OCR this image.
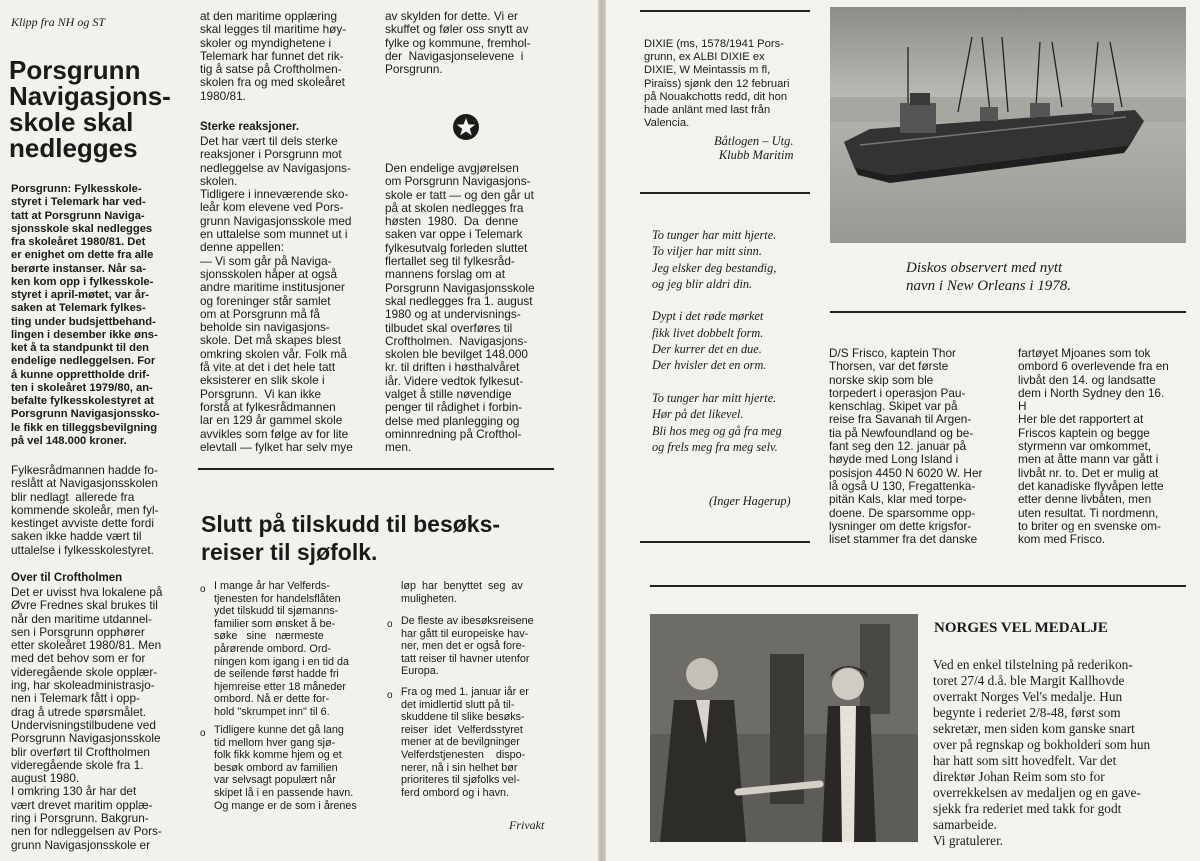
Klipp fra NH og ST
Porsgrunn
Navigasjons-
skole skal
nedlegges
Porsgrunn: Fylkesskole-
styret i Telemark har ved-
tatt at Porsgrunn Naviga-
sjonsskole skal nedlegges
fra skoleåret 1980/81. Det
er enighet om dette fra alle
berørte instanser. Når sa-
ken kom opp i fylkesskole-
styret i april-møtet, var år-
saken at Telemark fylkes-
ting under budsjettbehand-
lingen i desember ikke øns-
ket å ta standpunkt til den
endelige nedleggelsen. For
å kunne opprettholde drif-
ten i skoleåret 1979/80, an-
befalte fylkesskolestyret at
Porsgrunn Navigasjonssko-
le fikk en tilleggsbevilgning
på vel 148.000 kroner.
Fylkesrådmannen hadde fo-
reslått at Navigasjonsskolen
blir nedlagt  allerede fra
kommende skoleår, men fyl-
kestinget avviste dette fordi
saken ikke hadde vært til
uttalelse i fylkesskolestyret.
Over til Croftholmen
Det er uvisst hva lokalene på
Øvre Frednes skal brukes til
når den maritime utdannel-
sen i Porsgrunn opphører
etter skoleåret 1980/81. Men
med det behov som er for
videregående skole opplær-
ing, har skoleadministrasjo-
nen i Telemark fått i opp-
drag å utrede spørsmålet.
Undervisningstilbudene ved
Porsgrunn Navigasjonsskole
blir overført til Croftholmen
videregående skole fra 1.
august 1980.
I omkring 130 år har det
vært drevet maritim opplæ-
ring i Porsgrunn. Bakgrun-
nen for ndleggelsen av Pors-
grunn Navigasjonsskole er
at den maritime opplæring
skal legges til maritime høy-
skoler og myndighetene i
Telemark har funnet det rik-
tig å satse på Croftholmen-
skolen fra og med skoleåret
1980/81.
Sterke reaksjoner.
Det har vært til dels sterke
reaksjoner i Porsgrunn mot
nedleggelse av Navigasjons-
skolen.
Tidligere i inneværende sko-
leår kom elevene ved Pors-
grunn Navigasjonsskole med
en uttalelse som munnet ut i
denne appellen:
— Vi som går på Naviga-
sjonsskolen håper at også
andre maritime institusjoner
og foreninger står samlet
om at Porsgrunn må få
beholde sin navigasjons-
skole. Det må skapes blest
omkring skolen vår. Folk må
få vite at det i det hele tatt
eksisterer en slik skole i
Porsgrunn.  Vi kan ikke
forstå at fylkesrådmannen
lar en 129 år gammel skole
avvikles som følge av for lite
elevtall — fylket har selv mye
av skylden for dette. Vi er
skuffet og føler oss snytt av
fylke og kommune, fremhol-
der  Navigasjonselevene  i
Porsgrunn.
Den endelige avgjørelsen
om Porsgrunn Navigasjons-
skole er tatt — og den går ut
på at skolen nedlegges fra
høsten  1980.  Da  denne
saken var oppe i Telemark
fylkesutvalg forleden sluttet
flertallet seg til fylkesråd-
mannens forslag om at
Porsgrunn Navigasjonsskole
skal nedlegges fra 1. august
1980 og at undervisnings-
tilbudet skal overføres til
Croftholmen.  Navigasjons-
skolen ble bevilget 148.000
kr. til driften i høsthalvåret
iår. Videre vedtok fylkesut-
valget å stille nøvendige
penger til rådighet i forbin-
delse med planlegging og
ominnredning på Crofthol-
men.
Slutt på tilskudd til besøks-
reiser til sjøfolk.
o I mange år har Velferds-
tjenesten for handelsflåten
ydet tilskudd til sjømanns-
familier som ønsket å be-
søke   sine   nærmeste
pårørende ombord. Ord-
ningen kom igang i en tid da
de seilende først hadde fri
hjemreise etter 18 måneder
ombord. Nå er dette for-
hold "skrumpet inn" til 6.
o Tidligere kunne det gå lang
tid mellom hver gang sjø-
folk fikk komme hjem og et
besøk ombord av familien
var selvsagt populært når
skipet lå i en passende havn.
Og mange er de som i årenes
løp  har  benyttet  seg  av
muligheten.
o De fleste av ibesøksreisene
har gått til europeiske hav-
ner, men det er også fore-
tatt reiser til havner utenfor
Europa.
o Fra og med 1. januar iår er
det imidlertid slutt på til-
skuddene til slike besøks-
reiser  idet  Velferdsstyret
mener at de bevilgninger
Velferdstjenesten    dispo-
nerer, nå i sin helhet bør
prioriteres til sjøfolks vel-
ferd ombord og i havn.
Frivakt
DIXIE (ms, 1578/1941 Pors-
grunn, ex ALBI DIXIE ex
DIXIE, W Meintassis m fl,
Piraiss) sjønk den 12 februari
på Nouakchotts redd, dit hon
hade anlänt med last från
Valencia.
Båtlogen – Utg.
Klubb Maritim
To tunger har mitt hjerte.
To viljer har mitt sinn.
Jeg elsker deg bestandig,
og jeg blir aldri din.

Dypt i det røde mørket
fikk livet dobbelt form.
Der kurrer det en due.
Der hvisler det en orm.

To tunger har mitt hjerte.
Hør på det likevel.
Bli hos meg og gå fra meg
og frels meg fra meg selv.
(Inger Hagerup)
Diskos observert med nytt
navn i New Orleans i 1978.
D/S Frisco, kaptein Thor
Thorsen, var det første
norske skip som ble
torpedert i operasjon Pau-
kenschlag. Skipet var på
reise fra Savanah til Argen-
tia på Newfoundland og be-
fant seg den 12. januar på
høyde med Long Island i
posisjon 4450 N 6020 W. Her
lå også U 130, Fregattenka-
pitän Kals, klar med torpe-
doene. De sparsomme opp-
lysninger om dette krigsfor-
liset stammer fra det danske
fartøyet Mjoanes som tok
ombord 6 overlevende fra en
livbåt den 14. og landsatte
dem i North Sydney den 16.
H
Her ble det rapportert at
Friscos kaptein og begge
styrmenn var omkommet,
men at åtte mann var gått i
livbåt nr. to. Det er mulig at
det kanadiske flyvåpen lette
etter denne livbåten, men
uten resultat. Ti nordmenn,
to briter og en svenske om-
kom med Frisco.
NORGES VEL MEDALJE
Ved en enkel tilstelning på rederikon-
toret 27/4 d.å. ble Margit Kallhovde
overrakt Norges Vel's medalje. Hun
begynte i rederiet 2/8-48, først som
sekretær, men siden kom ganske snart
over på regnskap og bokholderi som hun
har hatt som sitt hovedfelt. Var det
direktør Johan Reim som sto for
overrekkelsen av medaljen og en gave-
sjekk fra rederiet med takk for godt
samarbeide.
Vi gratulerer.
